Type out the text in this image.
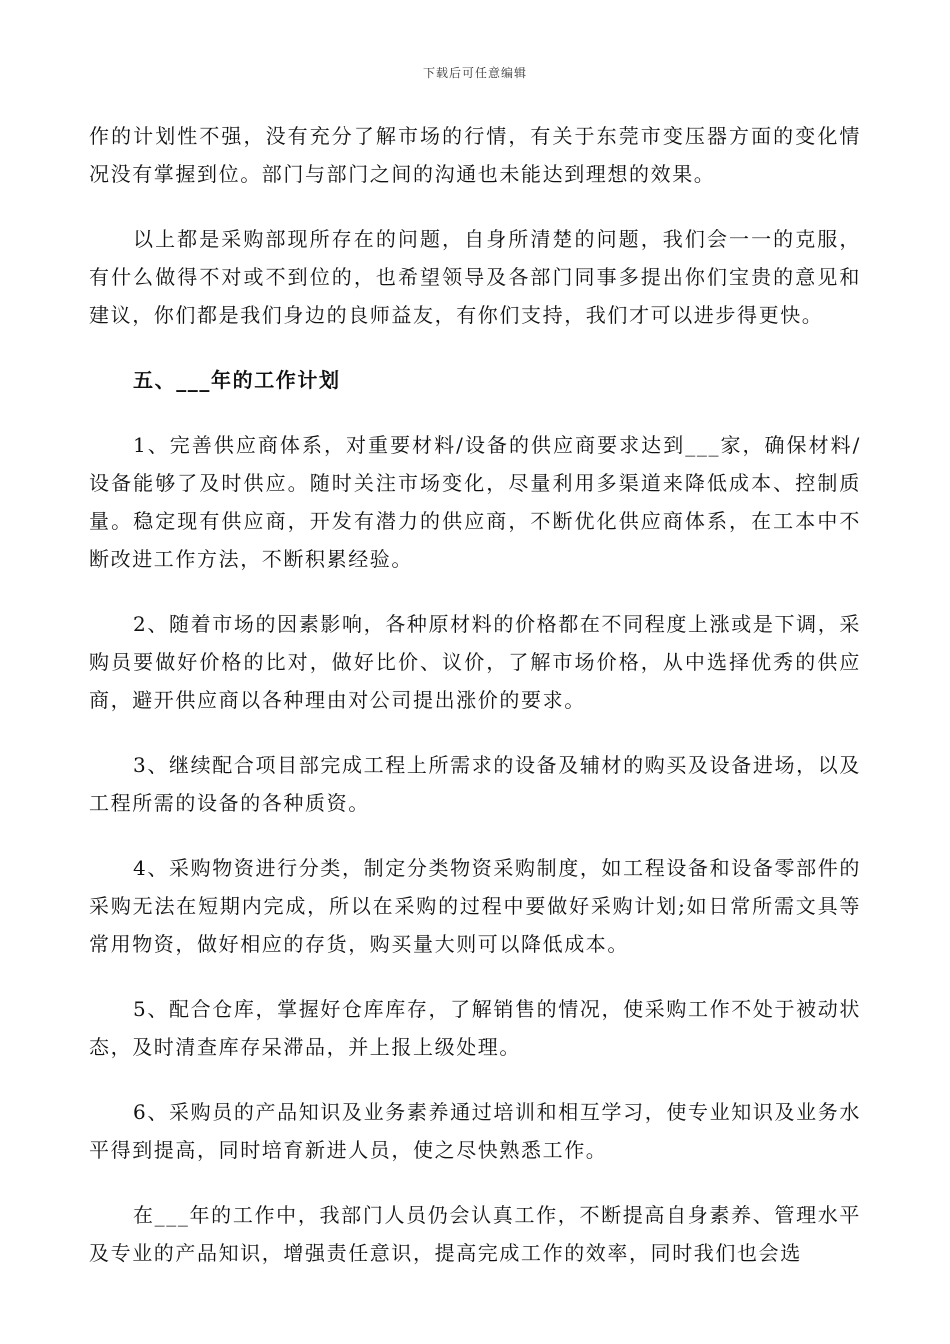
下载后可任意编辑

作的计划性不强，没有充分了解市场的行情，有关于东莞市变压器方面的变化情况没有掌握到位。部门与部门之间的沟通也未能达到理想的效果。

以上都是采购部现所存在的问题，自身所清楚的问题，我们会一一的克服，有什么做得不对或不到位的，也希望领导及各部门同事多提出你们宝贵的意见和建议，你们都是我们身边的良师益友，有你们支持，我们才可以进步得更快。

五、___年的工作计划

1、完善供应商体系，对重要材料/设备的供应商要求达到___家，确保材料/设备能够了及时供应。随时关注市场变化，尽量利用多渠道来降低成本、控制质量。稳定现有供应商，开发有潜力的供应商，不断优化供应商体系，在工本中不断改进工作方法，不断积累经验。

2、随着市场的因素影响，各种原材料的价格都在不同程度上涨或是下调，采购员要做好价格的比对，做好比价、议价，了解市场价格，从中选择优秀的供应商，避开供应商以各种理由对公司提出涨价的要求。

3、继续配合项目部完成工程上所需求的设备及辅材的购买及设备进场，以及工程所需的设备的各种质资。

4、采购物资进行分类，制定分类物资采购制度，如工程设备和设备零部件的采购无法在短期内完成，所以在采购的过程中要做好采购计划;如日常所需文具等常用物资，做好相应的存货，购买量大则可以降低成本。

5、配合仓库，掌握好仓库库存，了解销售的情况，使采购工作不处于被动状态，及时清查库存呆滞品，并上报上级处理。

6、采购员的产品知识及业务素养通过培训和相互学习，使专业知识及业务水平得到提高，同时培育新进人员，使之尽快熟悉工作。

在___年的工作中，我部门人员仍会认真工作，不断提高自身素养、管理水平及专业的产品知识，增强责任意识，提高完成工作的效率，同时我们也会选
